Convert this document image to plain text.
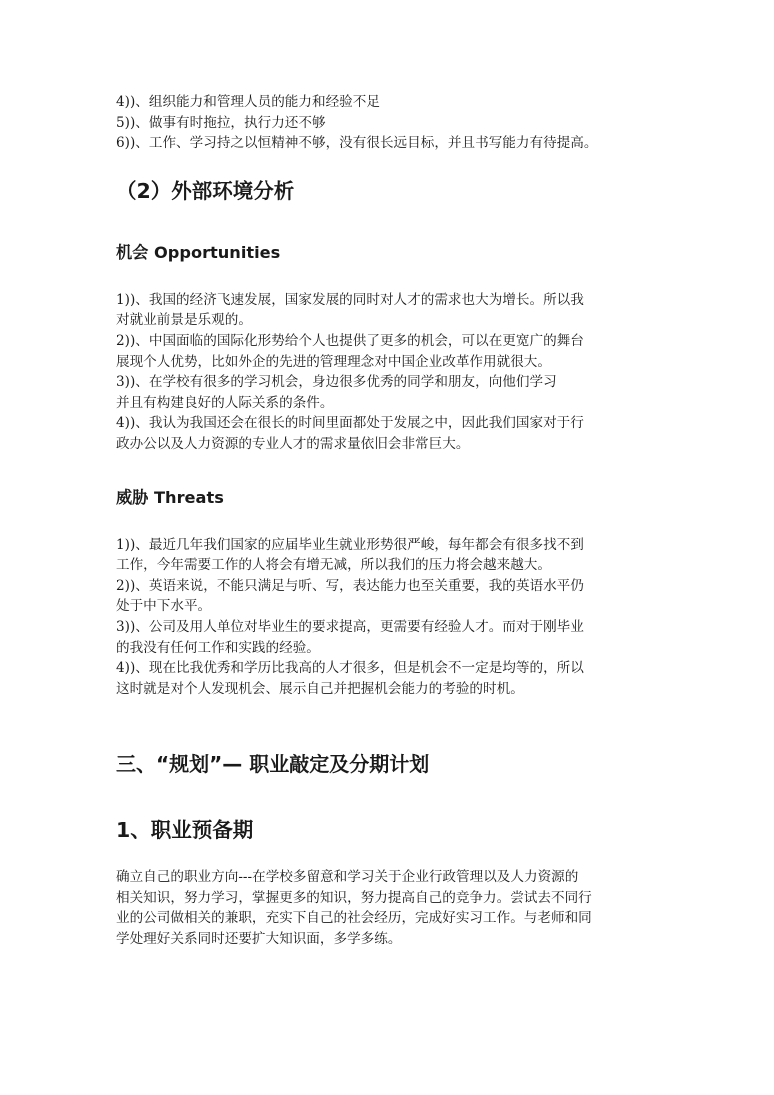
4))、组织能力和管理人员的能力和经验不足

5))、做事有时拖拉，执行力还不够

6))、工作、学习持之以恒精神不够，没有很长远目标，并且书写能力有待提高。

（2）外部环境分析
机会 Opportunities

1))、我国的经济飞速发展，国家发展的同时对人才的需求也大为增长。所以我

对就业前景是乐观的。

2))、中国面临的国际化形势给个人也提供了更多的机会，可以在更宽广的舞台

展现个人优势，比如外企的先进的管理理念对中国企业改革作用就很大。

3))、在学校有很多的学习机会，身边很多优秀的同学和朋友，向他们学习

并且有构建良好的人际关系的条件。

4))、我认为我国还会在很长的时间里面都处于发展之中，因此我们国家对于行

政办公以及人力资源的专业人才的需求量依旧会非常巨大。

威胁 Threats

1))、最近几年我们国家的应届毕业生就业形势很严峻，每年都会有很多找不到

工作，今年需要工作的人将会有增无减，所以我们的压力将会越来越大。

2))、英语来说，不能只满足与听、写，表达能力也至关重要，我的英语水平仍

处于中下水平。

3))、公司及用人单位对毕业生的要求提高，更需要有经验人才。而对于刚毕业

的我没有任何工作和实践的经验。

4))、现在比我优秀和学历比我高的人才很多，但是机会不一定是均等的，所以

这时就是对个人发现机会、展示自己并把握机会能力的考验的时机。

三、“规划”— 职业敲定及分期计划
1、职业预备期

确立自己的职业方向---在学校多留意和学习关于企业行政管理以及人力资源的

相关知识，努力学习，掌握更多的知识，努力提高自己的竞争力。尝试去不同行

业的公司做相关的兼职，充实下自己的社会经历，完成好实习工作。与老师和同

学处理好关系同时还要扩大知识面，多学多练。
